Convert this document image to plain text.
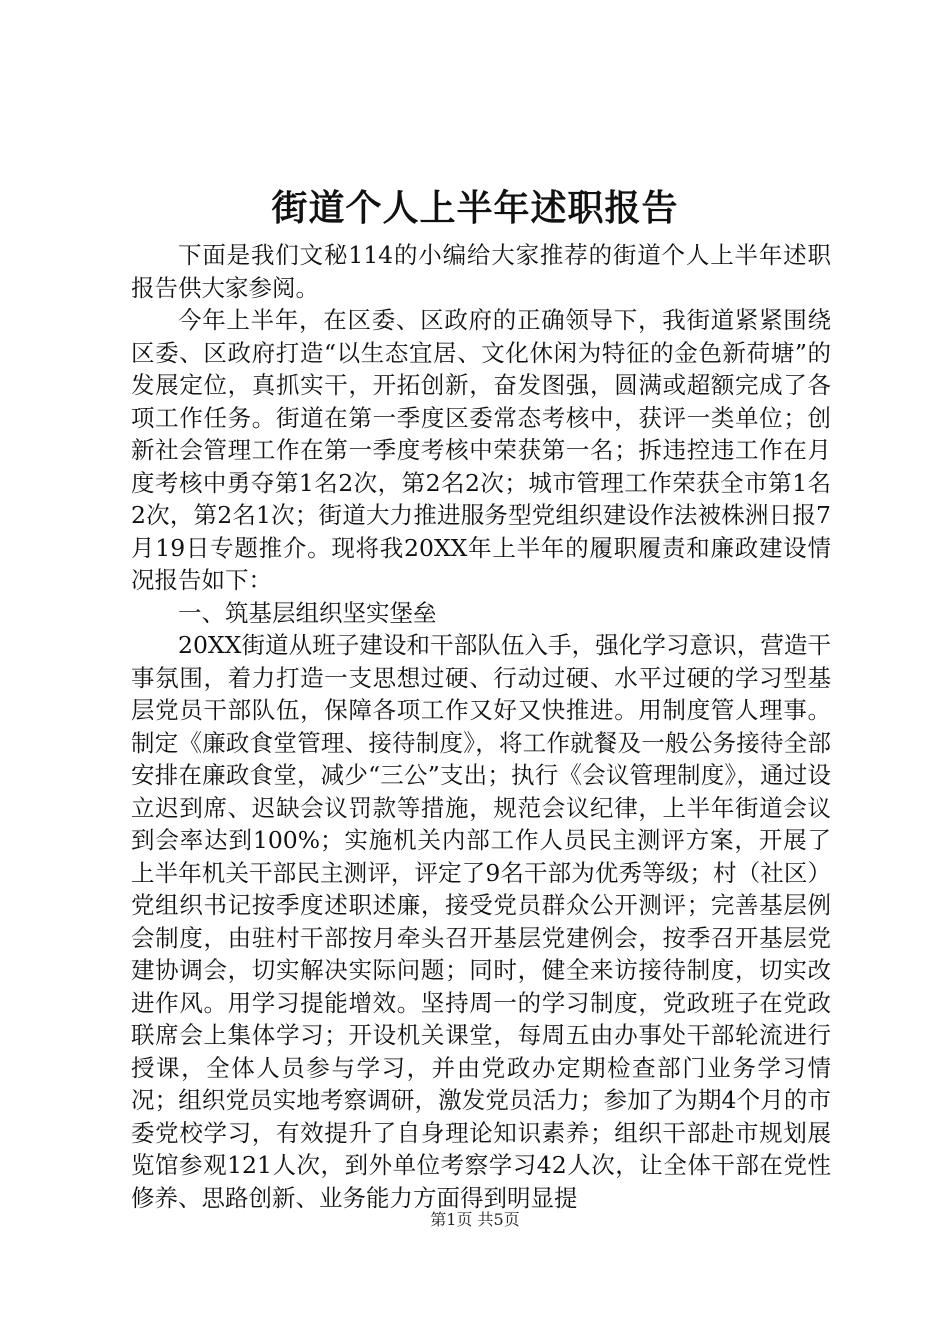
街道个人上半年述职报告

下面是我们文秘114的小编给大家推荐的街道个人上半年述职报告供大家参阅。

今年上半年，在区委、区政府的正确领导下，我街道紧紧围绕区委、区政府打造“以生态宜居、文化休闲为特征的金色新荷塘”的发展定位，真抓实干，开拓创新，奋发图强，圆满或超额完成了各项工作任务。街道在第一季度区委常态考核中，获评一类单位；创新社会管理工作在第一季度考核中荣获第一名；拆违控违工作在月度考核中勇夺第1名2次，第2名2次；城市管理工作荣获全市第1名2次，第2名1次；街道大力推进服务型党组织建设作法被株洲日报7月19日专题推介。现将我20XX年上半年的履职履责和廉政建设情况报告如下：

一、筑基层组织坚实堡垒

20XX街道从班子建设和干部队伍入手，强化学习意识，营造干事氛围，着力打造一支思想过硬、行动过硬、水平过硬的学习型基层党员干部队伍，保障各项工作又好又快推进。用制度管人理事。制定《廉政食堂管理、接待制度》，将工作就餐及一般公务接待全部安排在廉政食堂，减少“三公”支出；执行《会议管理制度》，通过设立迟到席、迟缺会议罚款等措施，规范会议纪律，上半年街道会议到会率达到100%；实施机关内部工作人员民主测评方案，开展了上半年机关干部民主测评，评定了9名干部为优秀等级；村（社区）党组织书记按季度述职述廉，接受党员群众公开测评；完善基层例会制度，由驻村干部按月牵头召开基层党建例会，按季召开基层党建协调会，切实解决实际问题；同时，健全来访接待制度，切实改进作风。用学习提能增效。坚持周一的学习制度，党政班子在党政联席会上集体学习；开设机关课堂，每周五由办事处干部轮流进行授课，全体人员参与学习，并由党政办定期检查部门业务学习情况；组织党员实地考察调研，激发党员活力；参加了为期4个月的市委党校学习，有效提升了自身理论知识素养；组织干部赴市规划展览馆参观121人次，到外单位考察学习42人次，让全体干部在党性修养、思路创新、业务能力方面得到明显提

第1页 共5页
